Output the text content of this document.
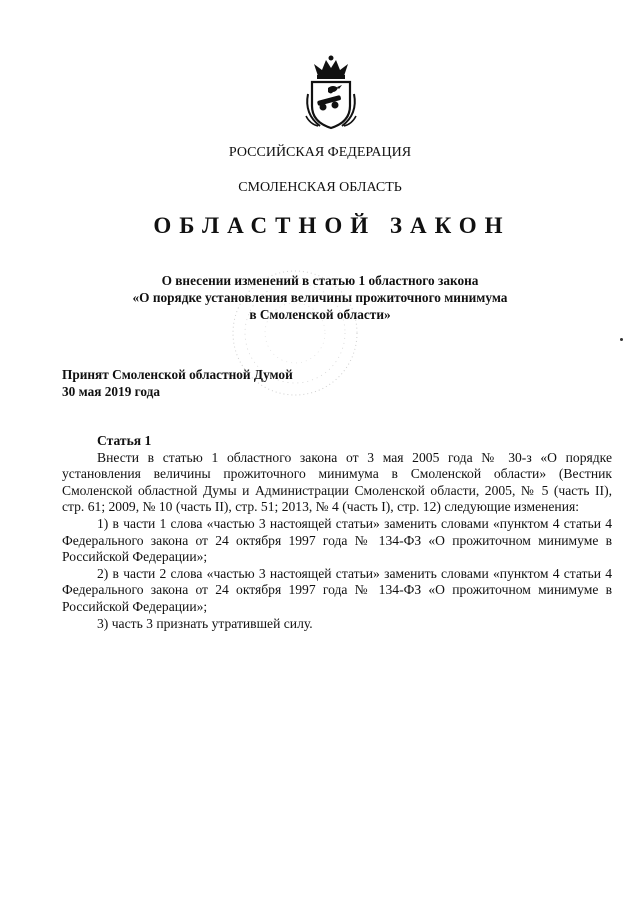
РОССИЙСКАЯ ФЕДЕРАЦИЯ
СМОЛЕНСКАЯ ОБЛАСТЬ
ОБЛАСТНОЙ ЗАКОН
О внесении изменений в статью 1 областного закона
«О порядке установления величины прожиточного минимума
в Смоленской области»
Принят Смоленской областной Думой
30 мая 2019 года
Статья 1

Внести в статью 1 областного закона от 3 мая 2005 года № 30-з «О порядке установления величины прожиточного минимума в Смоленской области» (Вестник Смоленской областной Думы и Администрации Смоленской области, 2005, № 5 (часть II), стр. 61; 2009, № 10 (часть II), стр. 51; 2013, № 4 (часть I), стр. 12) следующие изменения:

1) в части 1 слова «частью 3 настоящей статьи» заменить словами «пунктом 4 статьи 4 Федерального закона от 24 октября 1997 года № 134-ФЗ «О прожиточном минимуме в Российской Федерации»;

2) в части 2 слова «частью 3 настоящей статьи» заменить словами «пунктом 4 статьи 4 Федерального закона от 24 октября 1997 года № 134-ФЗ «О прожиточном минимуме в Российской Федерации»;

3) часть 3 признать утратившей силу.
